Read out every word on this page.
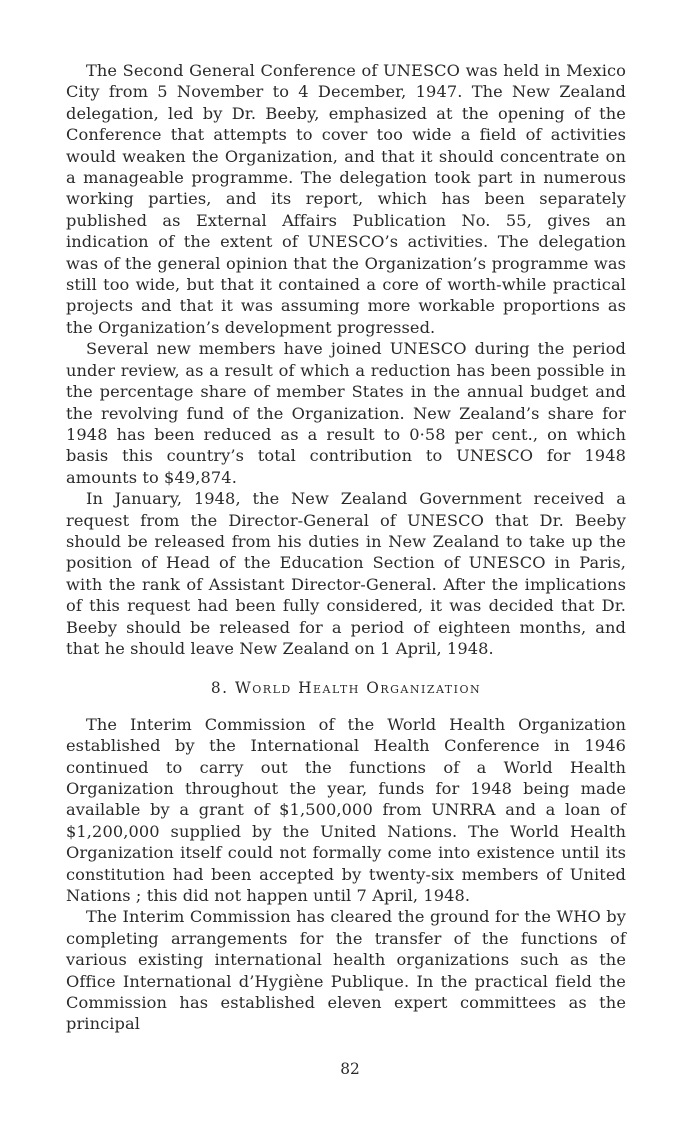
The Second General Conference of UNESCO was held in Mexico City from 5 November to 4 December, 1947. The New Zealand delegation, led by Dr. Beeby, emphasized at the opening of the Conference that attempts to cover too wide a field of activities would weaken the Organization, and that it should concentrate on a manageable programme. The delegation took part in numerous working parties, and its report, which has been separately published as External Affairs Publication No. 55, gives an indication of the extent of UNESCO’s activities. The delegation was of the general opinion that the Organization’s programme was still too wide, but that it contained a core of worth-while practical projects and that it was assuming more workable proportions as the Organization’s development progressed.

Several new members have joined UNESCO during the period under review, as a result of which a reduction has been possible in the percentage share of member States in the annual budget and the revolving fund of the Organization. New Zealand’s share for 1948 has been reduced as a result to 0·58 per cent., on which basis this country’s total contribution to UNESCO for 1948 amounts to $49,874.

In January, 1948, the New Zealand Government received a request from the Director-General of UNESCO that Dr. Beeby should be released from his duties in New Zealand to take up the position of Head of the Education Section of UNESCO in Paris, with the rank of Assistant Director-General. After the implications of this request had been fully considered, it was decided that Dr. Beeby should be released for a period of eighteen months, and that he should leave New Zealand on 1 April, 1948.

8. World Health Organization

The Interim Commission of the World Health Organization established by the International Health Conference in 1946 continued to carry out the functions of a World Health Organization throughout the year, funds for 1948 being made available by a grant of $1,500,000 from UNRRA and a loan of $1,200,000 supplied by the United Nations. The World Health Organization itself could not formally come into existence until its constitution had been accepted by twenty-six members of United Nations ; this did not happen until 7 April, 1948.

The Interim Commission has cleared the ground for the WHO by completing arrangements for the transfer of the functions of various existing international health organizations such as the Office International d’Hygiène Publique. In the practical field the Commission has established eleven expert committees as the principal

82
